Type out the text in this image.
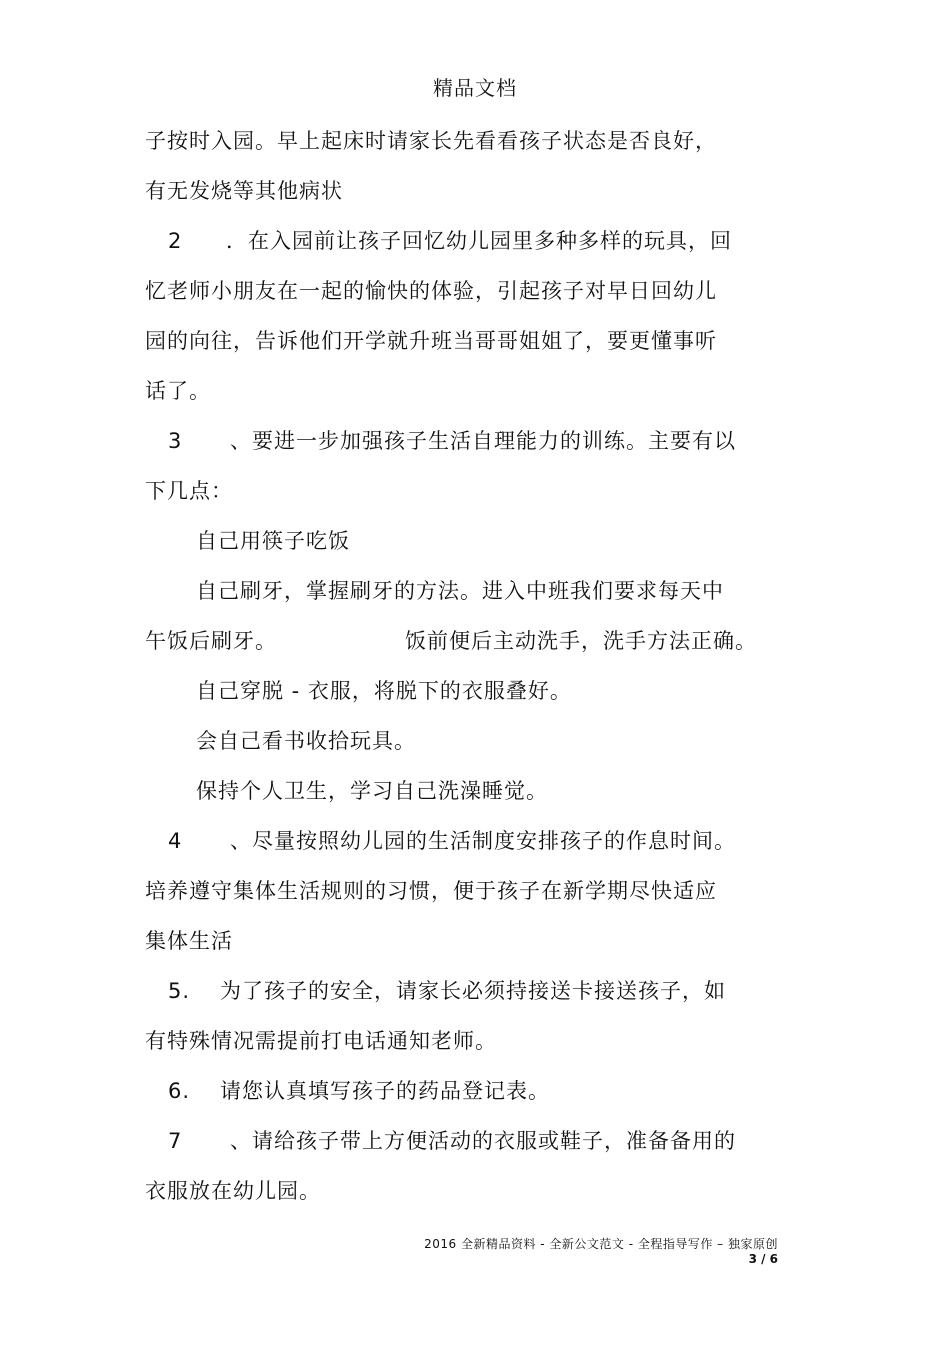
精品文档
子按时入园。早上起床时请家长先看看孩子状态是否良好，
有无发烧等其他病状
2 ．在入园前让孩子回忆幼儿园里多种多样的玩具，回
忆老师小朋友在一起的愉快的体验，引起孩子对早日回幼儿
园的向往，告诉他们开学就升班当哥哥姐姐了，要更懂事听
话了。
3 、要进一步加强孩子生活自理能力的训练。主要有以
下几点：
自己用筷子吃饭
自己刷牙，掌握刷牙的方法。进入中班我们要求每天中
午饭后刷牙。	饭前便后主动洗手，洗手方法正确。
自己穿脱 - 衣服，将脱下的衣服叠好。
会自己看书收拾玩具。
保持个人卫生，学习自己洗澡睡觉。
4 、尽量按照幼儿园的生活制度安排孩子的作息时间。
培养遵守集体生活规则的习惯，便于孩子在新学期尽快适应
集体生活
5. 为了孩子的安全，请家长必须持接送卡接送孩子，如
有特殊情况需提前打电话通知老师。
6. 请您认真填写孩子的药品登记表。
7 、请给孩子带上方便活动的衣服或鞋子，准备备用的
衣服放在幼儿园。
2016 全新精品资料 - 全新公文范文 - 全程指导写作 – 独家原创
3 / 6
